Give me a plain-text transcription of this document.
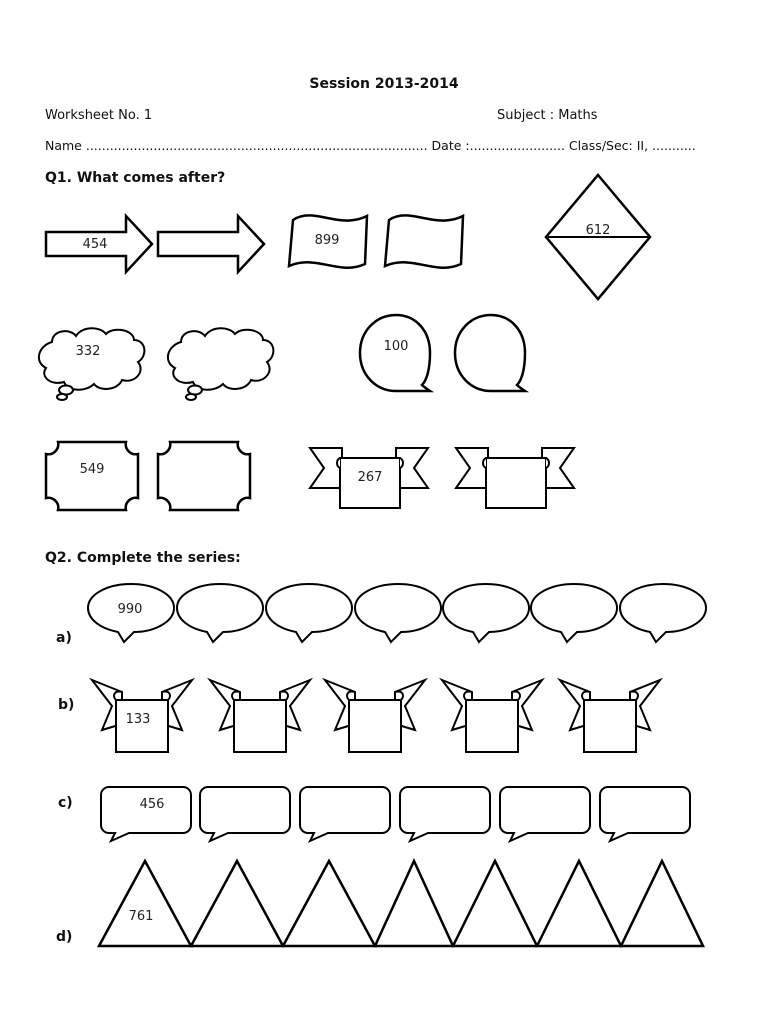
Session 2013-2014
Worksheet No. 1	Subject : Maths
Name ...................................................................................... Date :........................ Class/Sec: II, ...........
Q1. What comes after?
Q2. Complete the series:
a)
b)
c)
d)
454	899
612
332	100
549
267
990
133
456
761
